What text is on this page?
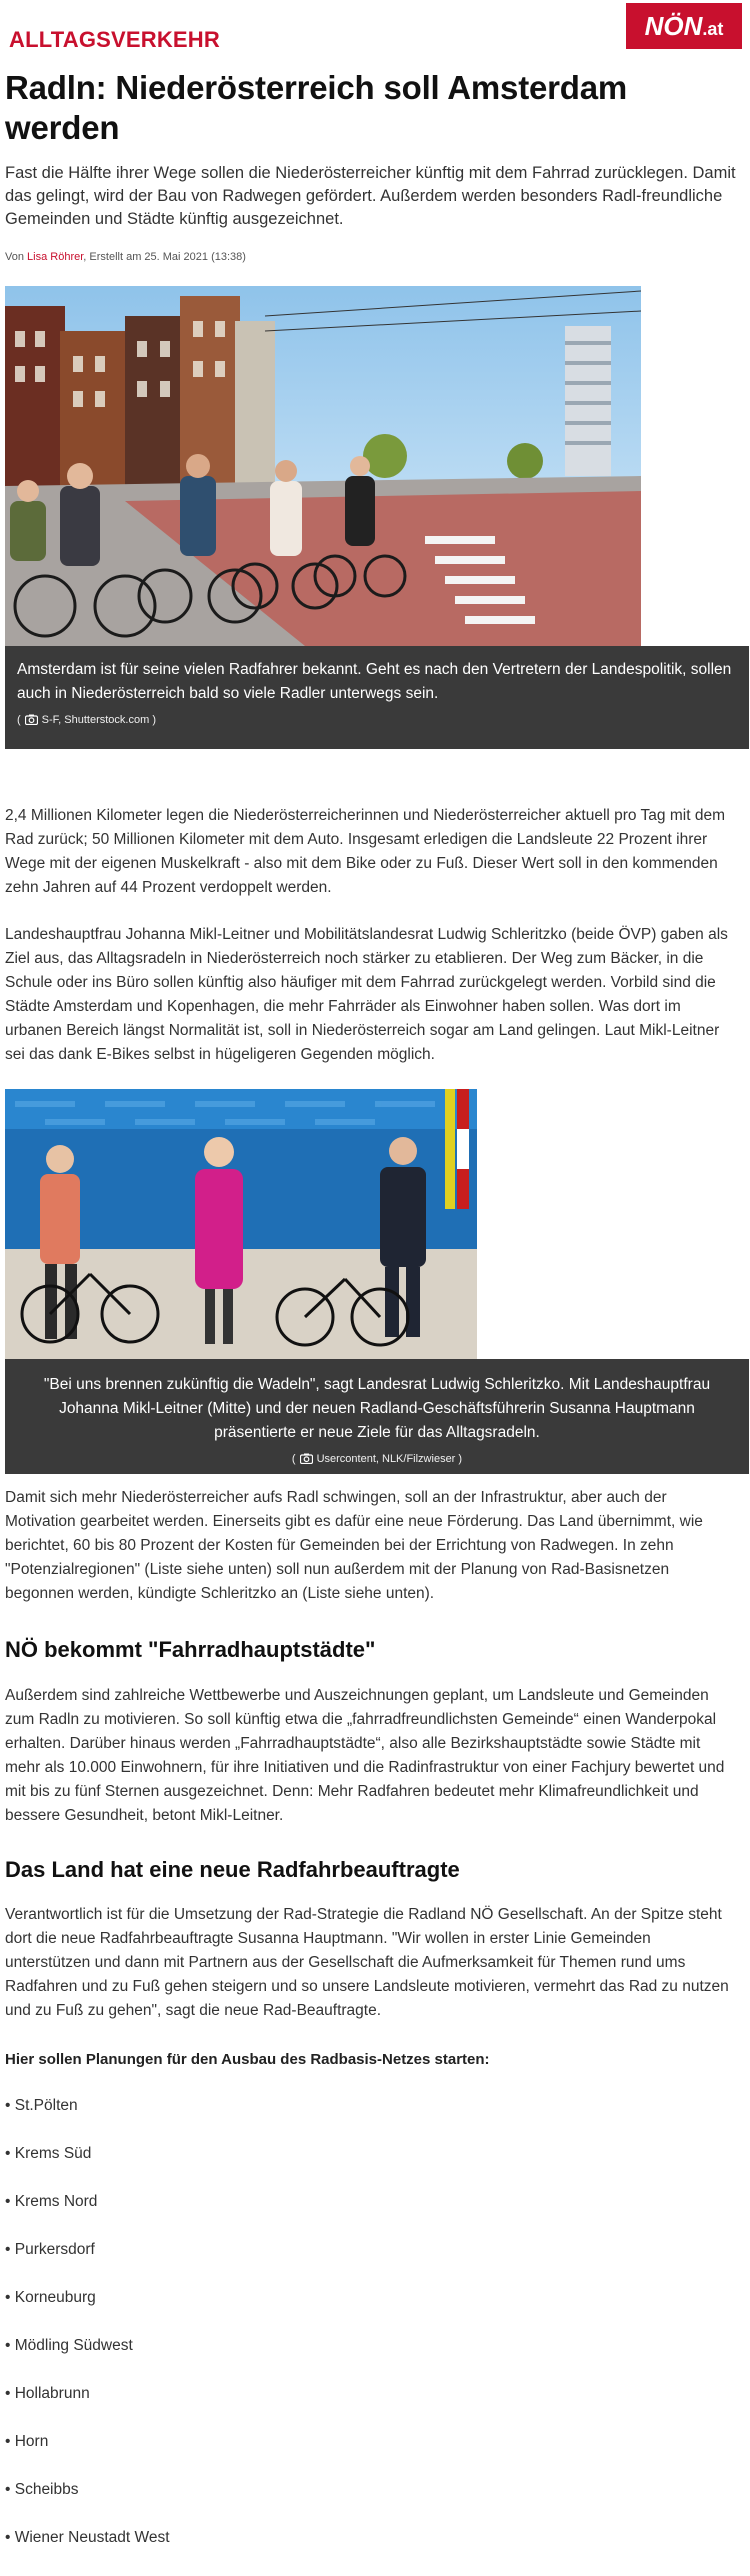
ALLTAGSVERKEHR	NÖN.at
Radln: Niederösterreich soll Amsterdam werden
Fast die Hälfte ihrer Wege sollen die Niederösterreicher künftig mit dem Fahrrad zurücklegen. Damit das gelingt, wird der Bau von Radwegen gefördert. Außerdem werden besonders Radl-freundliche Gemeinden und Städte künftig ausgezeichnet.
Von Lisa Röhrer, Erstellt am 25. Mai 2021 (13:38)
Amsterdam ist für seine vielen Radfahrer bekannt. Geht es nach den Vertretern der Landespolitik, sollen auch in Niederösterreich bald so viele Radler unterwegs sein.
( S-F, Shutterstock.com )

2,4 Millionen Kilometer legen die Niederösterreicherinnen und Niederösterreicher aktuell pro Tag mit dem Rad zurück; 50 Millionen Kilometer mit dem Auto. Insgesamt erledigen die Landsleute 22 Prozent ihrer Wege mit der eigenen Muskelkraft - also mit dem Bike oder zu Fuß. Dieser Wert soll in den kommenden zehn Jahren auf 44 Prozent verdoppelt werden.

Landeshauptfrau Johanna Mikl-Leitner und Mobilitätslandesrat Ludwig Schleritzko (beide ÖVP) gaben als Ziel aus, das Alltagsradeln in Niederösterreich noch stärker zu etablieren. Der Weg zum Bäcker, in die Schule oder ins Büro sollen künftig also häufiger mit dem Fahrrad zurückgelegt werden. Vorbild sind die Städte Amsterdam und Kopenhagen, die mehr Fahrräder als Einwohner haben sollen. Was dort im urbanen Bereich längst Normalität ist, soll in Niederösterreich sogar am Land gelingen. Laut Mikl-Leitner sei das dank E-Bikes selbst in hügeligeren Gegenden möglich.

"Bei uns brennen zukünftig die Wadeln", sagt Landesrat Ludwig Schleritzko. Mit Landeshauptfrau Johanna Mikl-Leitner (Mitte) und der neuen Radland-Geschäftsführerin Susanna Hauptmann präsentierte er neue Ziele für das Alltagsradeln.
( Usercontent, NLK/Filzwieser )

Damit sich mehr Niederösterreicher aufs Radl schwingen, soll an der Infrastruktur, aber auch der Motivation gearbeitet werden. Einerseits gibt es dafür eine neue Förderung. Das Land übernimmt, wie berichtet, 60 bis 80 Prozent der Kosten für Gemeinden bei der Errichtung von Radwegen. In zehn "Potenzialregionen" (Liste siehe unten) soll nun außerdem mit der Planung von Rad-Basisnetzen begonnen werden, kündigte Schleritzko an (Liste siehe unten).

NÖ bekommt "Fahrradhauptstädte"

Außerdem sind zahlreiche Wettbewerbe und Auszeichnungen geplant, um Landsleute und Gemeinden zum Radln zu motivieren. So soll künftig etwa die „fahrradfreundlichsten Gemeinde“ einen Wanderpokal erhalten. Darüber hinaus werden „Fahrradhauptstädte“, also alle Bezirkshauptstädte sowie Städte mit mehr als 10.000 Einwohnern, für ihre Initiativen und die Radinfrastruktur von einer Fachjury bewertet und mit bis zu fünf Sternen ausgezeichnet. Denn: Mehr Radfahren bedeutet mehr Klimafreundlichkeit und bessere Gesundheit, betont Mikl-Leitner.

Das Land hat eine neue Radfahrbeauftragte

Verantwortlich ist für die Umsetzung der Rad-Strategie die Radland NÖ Gesellschaft. An der Spitze steht dort die neue Radfahrbeauftragte Susanna Hauptmann. "Wir wollen in erster Linie Gemeinden unterstützen und dann mit Partnern aus der Gesellschaft die Aufmerksamkeit für Themen rund ums Radfahren und zu Fuß gehen steigern und so unsere Landsleute motivieren, vermehrt das Rad zu nutzen und zu Fuß zu gehen", sagt die neue Rad-Beauftragte.

Hier sollen Planungen für den Ausbau des Radbasis-Netzes starten:
• St.Pölten
• Krems Süd
• Krems Nord
• Purkersdorf
• Korneuburg
• Mödling Südwest
• Hollabrunn
• Horn
• Scheibbs
• Wiener Neustadt West
